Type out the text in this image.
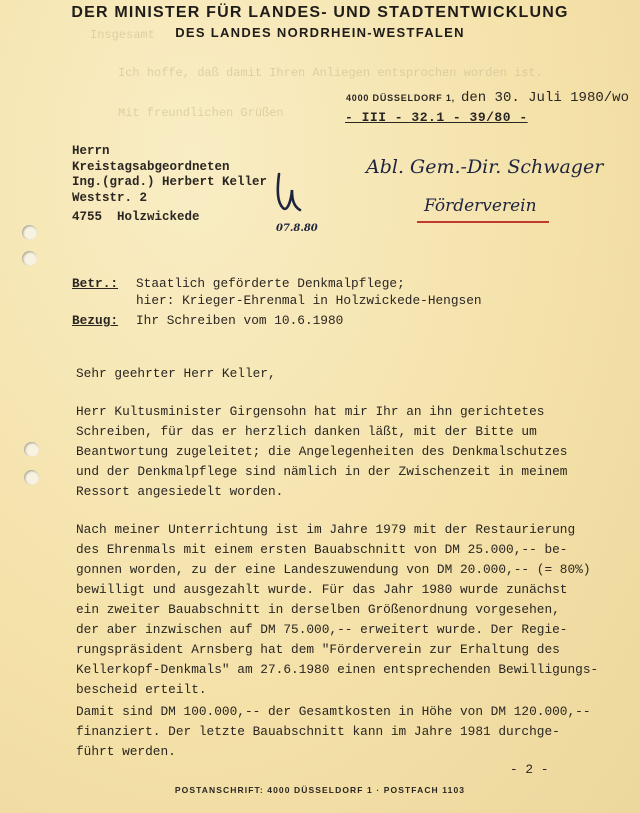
DER MINISTER FÜR LANDES- UND STADTENTWICKLUNG
DES LANDES NORDRHEIN-WESTFALEN
Insgesamt
Ich hoffe, daß damit Ihren Anliegen entsprochen worden ist.
Mit freundlichen Grüßen
4000 DÜSSELDORF 1, den 30. Juli 1980/wo
- III - 32.1 - 39/80 -
Herrn
Kreistagsabgeordneten
Ing.(grad.) Herbert Keller
Weststr. 2
4755 Holzwickede
Abl. Gem.-Dir. Schwager
Förderverein
07.8.80
Betr.: Staatlich geförderte Denkmalpflege;
hier: Krieger-Ehrenmal in Holzwickede-Hengsen
Bezug: Ihr Schreiben vom 10.6.1980
Sehr geehrter Herr Keller,
Herr Kultusminister Girgensohn hat mir Ihr an ihn gerichtetes
Schreiben, für das er herzlich danken läßt, mit der Bitte um
Beantwortung zugeleitet; die Angelegenheiten des Denkmalschutzes
und der Denkmalpflege sind nämlich in der Zwischenzeit in meinem
Ressort angesiedelt worden.
Nach meiner Unterrichtung ist im Jahre 1979 mit der Restaurierung
des Ehrenmals mit einem ersten Bauabschnitt von DM 25.000,-- be-
gonnen worden, zu der eine Landeszuwendung von DM 20.000,-- (= 80%)
bewilligt und ausgezahlt wurde. Für das Jahr 1980 wurde zunächst
ein zweiter Bauabschnitt in derselben Größenordnung vorgesehen,
der aber inzwischen auf DM 75.000,-- erweitert wurde. Der Regie-
rungspräsident Arnsberg hat dem "Förderverein zur Erhaltung des
Kellerkopf-Denkmals" am 27.6.1980 einen entsprechenden Bewilligungs-
bescheid erteilt.
Damit sind DM 100.000,-- der Gesamtkosten in Höhe von DM 120.000,--
finanziert. Der letzte Bauabschnitt kann im Jahre 1981 durchge-
führt werden.
- 2 -
POSTANSCHRIFT: 4000 DÜSSELDORF 1 · POSTFACH 1103
